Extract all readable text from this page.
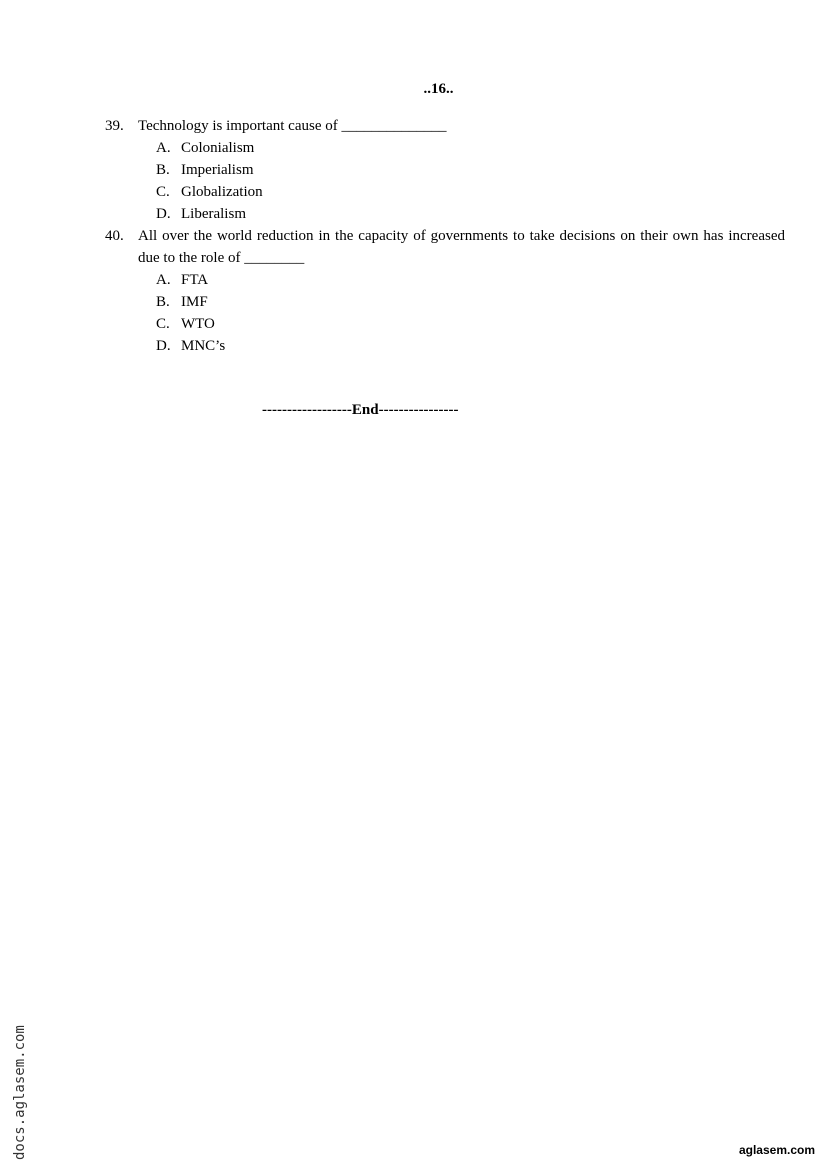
..16..
39. Technology is important cause of ______________
A. Colonialism
B. Imperialism
C. Globalization
D. Liberalism
40. All over the world reduction in the capacity of governments to take decisions on their own has increased due to the role of ________
A. FTA
B. IMF
C. WTO
D. MNC’s
------------------End----------------
docs.aglasem.com	aglasem.com
